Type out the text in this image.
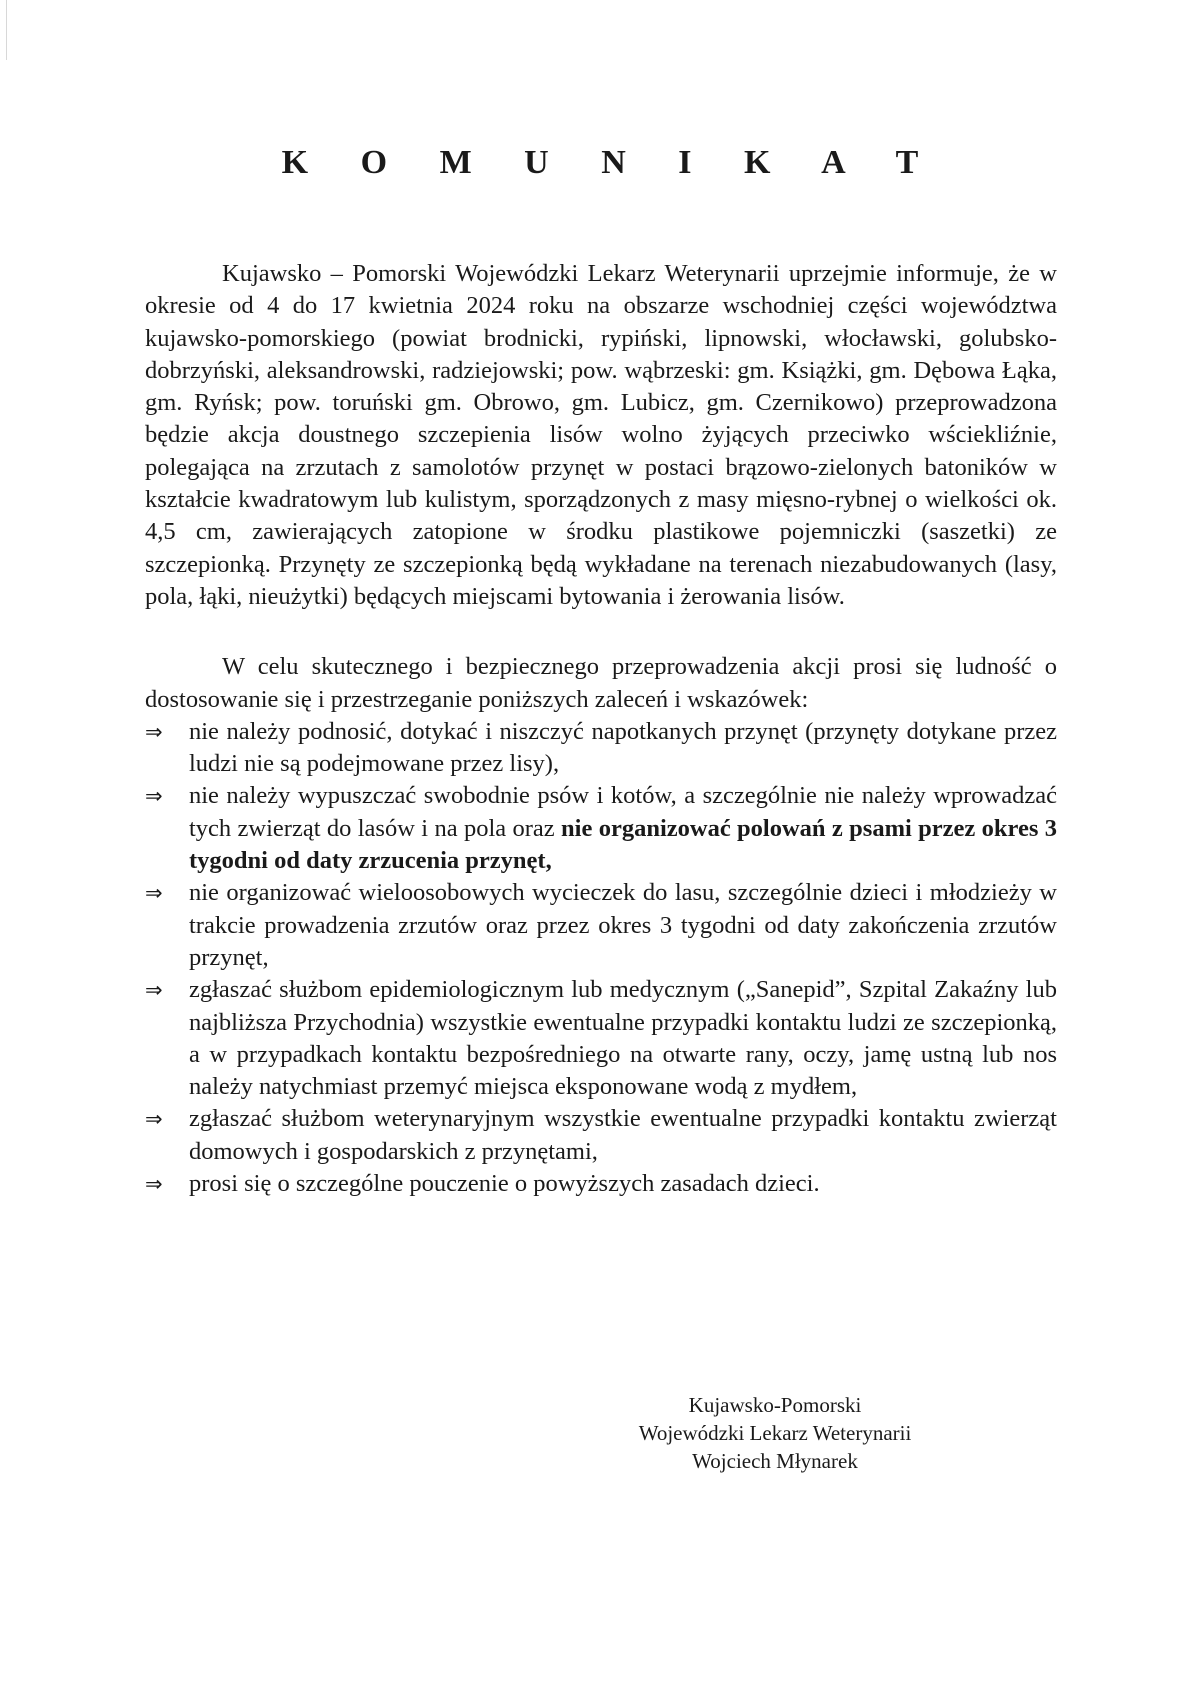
K O M U N I K A T

Kujawsko – Pomorski Wojewódzki Lekarz Weterynarii uprzejmie informuje, że w okresie od 4 do 17 kwietnia 2024 roku na obszarze wschodniej części województwa kujawsko-pomorskiego (powiat brodnicki, rypiński, lipnowski, włocławski, golubsko-dobrzyński, aleksandrowski, radziejowski; pow. wąbrzeski: gm. Książki, gm. Dębowa Łąka, gm. Ryńsk; pow. toruński gm. Obrowo, gm. Lubicz, gm. Czernikowo) przeprowadzona będzie akcja doustnego szczepienia lisów wolno żyjących przeciwko wściekliźnie, polegająca na zrzutach z samolotów przynęt w postaci brązowo-zielonych batoników w kształcie kwadratowym lub kulistym, sporządzonych z masy mięsno-rybnej o wielkości ok. 4,5 cm, zawierających zatopione w środku plastikowe pojemniczki (saszetki) ze szczepionką. Przynęty ze szczepionką będą wykładane na terenach niezabudowanych (lasy, pola, łąki, nieużytki) będących miejscami bytowania i żerowania lisów.

W celu skutecznego i bezpiecznego przeprowadzenia akcji prosi się ludność o dostosowanie się i przestrzeganie poniższych zaleceń i wskazówek:
⇒	nie należy podnosić, dotykać i niszczyć napotkanych przynęt (przynęty dotykane przez ludzi nie są podejmowane przez lisy),
⇒	nie należy wypuszczać swobodnie psów i kotów, a szczególnie nie należy wprowadzać tych zwierząt do lasów i na pola oraz nie organizować polowań z psami przez okres 3 tygodni od daty zrzucenia przynęt,
⇒	nie organizować wieloosobowych wycieczek do lasu, szczególnie dzieci i młodzieży w trakcie prowadzenia zrzutów oraz przez okres 3 tygodni od daty zakończenia zrzutów przynęt,
⇒	zgłaszać służbom epidemiologicznym lub medycznym („Sanepid”, Szpital Zakaźny lub najbliższa Przychodnia) wszystkie ewentualne przypadki kontaktu ludzi ze szczepionką, a w przypadkach kontaktu bezpośredniego na otwarte rany, oczy, jamę ustną lub nos należy natychmiast przemyć miejsca eksponowane wodą z mydłem,
⇒	zgłaszać służbom weterynaryjnym wszystkie ewentualne przypadki kontaktu zwierząt domowych i gospodarskich z przynętami,
⇒	prosi się o szczególne pouczenie o powyższych zasadach dzieci.
Kujawsko-Pomorski
Wojewódzki Lekarz Weterynarii
Wojciech Młynarek
